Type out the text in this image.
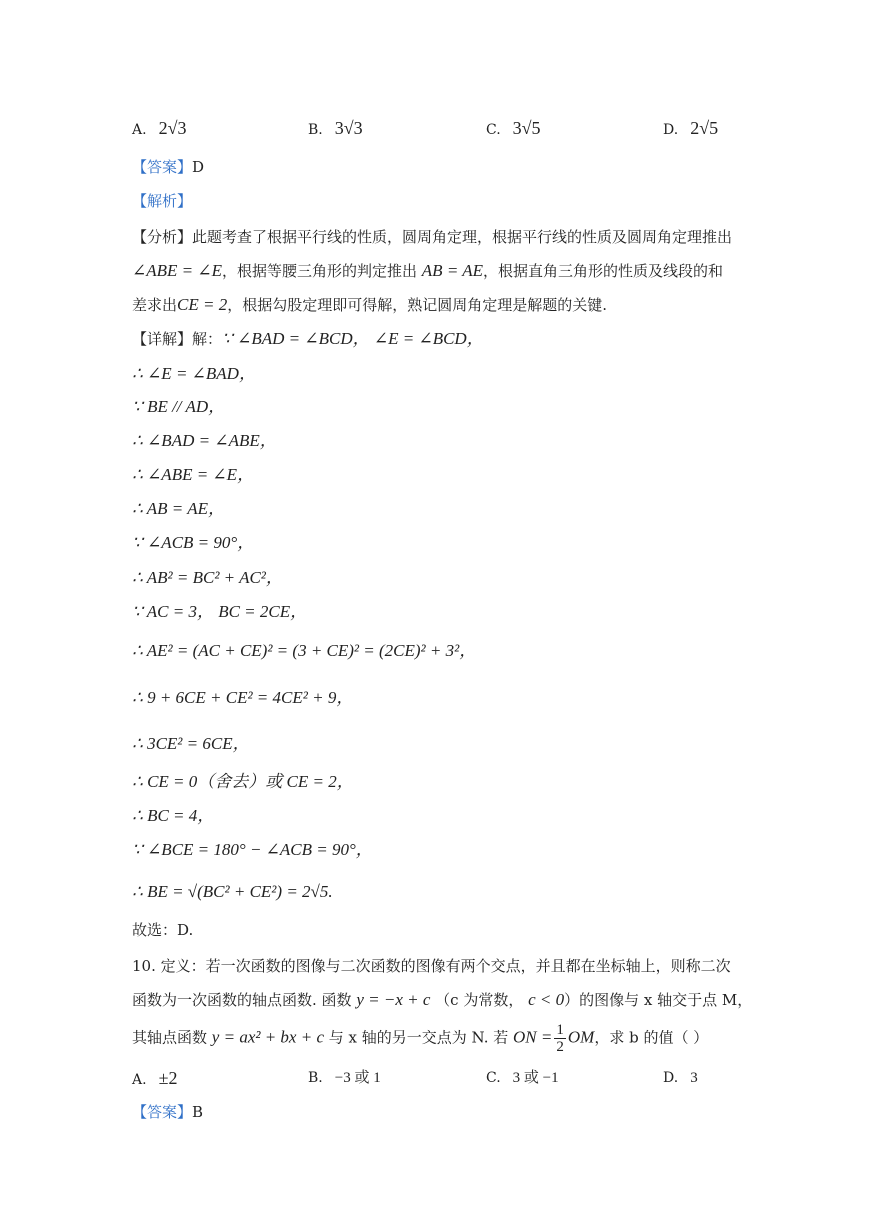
A. 2√3	B. 3√3	C. 3√5	D. 2√5
【答案】D
【解析】
【分析】此题考查了根据平行线的性质，圆周角定理，根据平行线的性质及圆周角定理推出
∠ABE = ∠E，根据等腰三角形的判定推出 AB = AE，根据直角三角形的性质及线段的和
差求出CE = 2，根据勾股定理即可得解，熟记圆周角定理是解题的关键.
【详解】解：∵ ∠BAD = ∠BCD， ∠E = ∠BCD，
∴ ∠E = ∠BAD，
∵ BE // AD，
∴ ∠BAD = ∠ABE，
∴ ∠ABE = ∠E，
∴ AB = AE，
∵ ∠ACB = 90°，
∴ AB² = BC² + AC²，
∵ AC = 3， BC = 2CE，
∴ AE² = (AC + CE)² = (3 + CE)² = (2CE)² + 3²，
∴ 9 + 6CE + CE² = 4CE² + 9，
∴ 3CE² = 6CE，
∴ CE = 0（舍去）或 CE = 2，
∴ BC = 4，
∵ ∠BCE = 180° − ∠ACB = 90°，
∴ BE = √(BC² + CE²) = 2√5.
故选：D.
10. 定义：若一次函数的图像与二次函数的图像有两个交点，并且都在坐标轴上，则称二次
函数为一次函数的轴点函数. 函数 y = −x + c （c 为常数， c < 0）的图像与 x 轴交于点 M，
其轴点函数 y = ax² + bx + c 与 x 轴的另一交点为 N. 若 ON = $\frac{1}{2}$ OM，求 b 的值（ ）
A. ±2	B. −3 或 1	C. 3 或 −1	D. 3
【答案】B
